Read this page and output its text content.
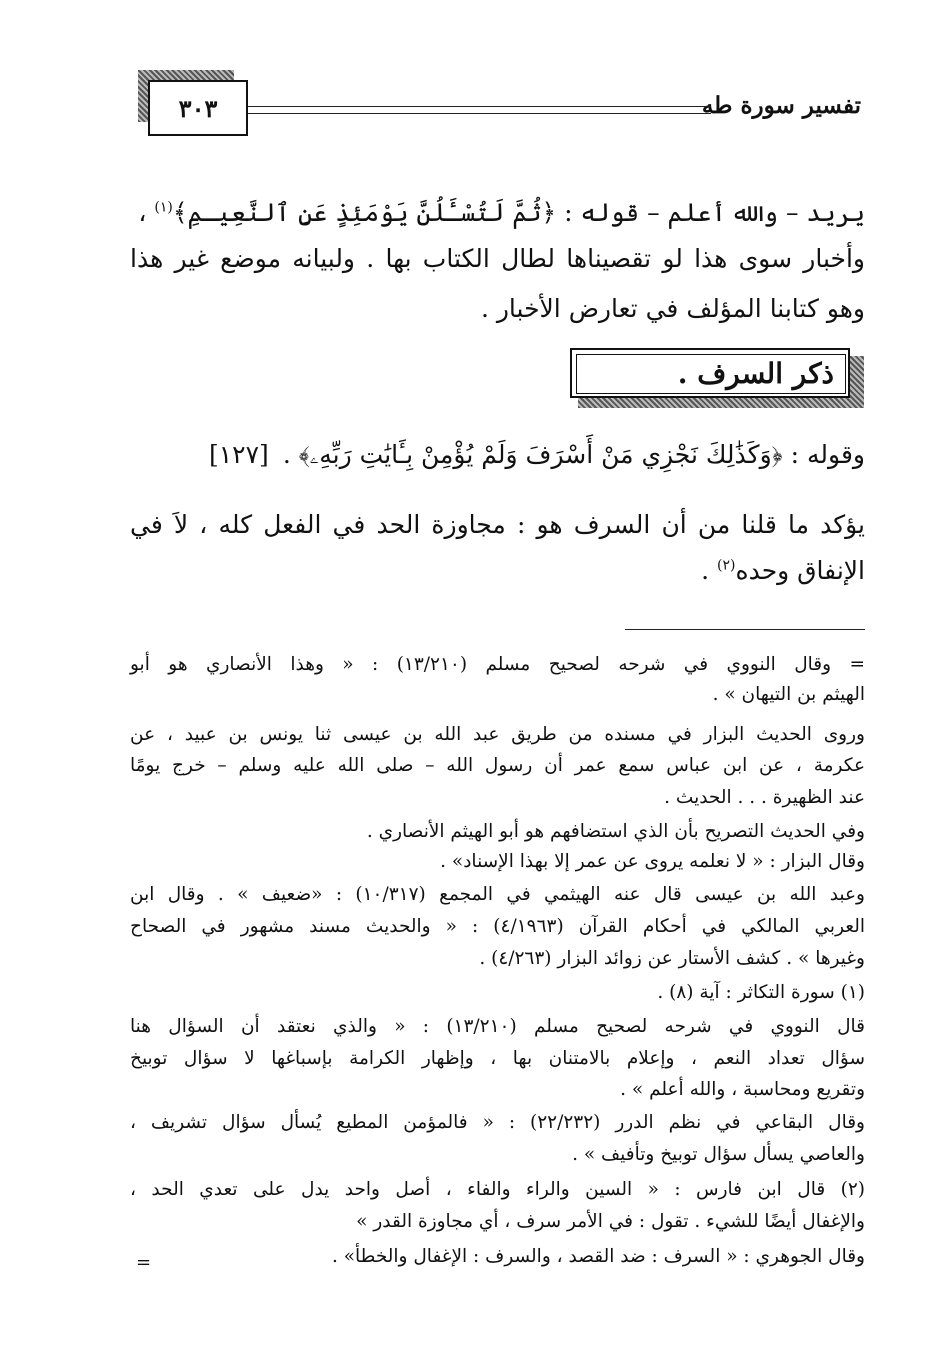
تفسير سورة طه
٣٠٣
يريد – والله أعلم – قوله : ﴿ثُمَّ لَتُسْـَٔلُنَّ يَوْمَئِذٍ عَنِ ٱلنَّعِيـمِ﴾$^{(١)}$ ،
وأخبار سوى هذا لو تقصيناها لطال الكتاب بها . ولبيانه موضع غير هذا
وهو كتابنا المؤلف في تعارض الأخبار .
ذكر السرف .
وقوله : ﴿وَكَذَٰلِكَ نَجْزِي مَنْ أَسْرَفَ وَلَمْ يُؤْمِنْ بِـَٔايَٰتِ رَبِّهِۦ﴾ .[١٢٧]
يؤكد ما قلنا من أن السرف هو : مجاوزة الحد في الفعل كله ، لاَ في
الإنفاق وحده$^{(٢)}$ .
= وقال النووي في شرحه لصحيح مسلم (١٣/٢١٠) : « وهذا الأنصاري هو أبو
الهيثم بن التيهان » .
وروى الحديث البزار في مسنده من طريق عبد الله بن عيسى ثنا يونس بن عبيد ، عن
عكرمة ، عن ابن عباس سمع عمر أن رسول الله – صلى الله عليه وسلم – خرج يومًا
عند الظهيرة . . . الحديث .
وفي الحديث التصريح بأن الذي استضافهم هو أبو الهيثم الأنصاري .
وقال البزار : « لا نعلمه يروى عن عمر إلا بهذا الإسناد» .
وعبد الله بن عيسى قال عنه الهيثمي في المجمع (١٠/٣١٧) : «ضعيف » . وقال ابن
العربي المالكي في أحكام القرآن (٤/١٩٦٣) : « والحديث مسند مشهور في الصحاح
وغيرها » . كشف الأستار عن زوائد البزار (٤/٢٦٣) .
(١) سورة التكاثر : آية (٨) .
قال النووي في شرحه لصحيح مسلم (١٣/٢١٠) : « والذي نعتقد أن السؤال هنا
سؤال تعداد النعم ، وإعلام بالامتنان بها ، وإظهار الكرامة بإسباغها لا سؤال توبيخ
وتقريع ومحاسبة ، والله أعلم » .
وقال البقاعي في نظم الدرر (٢٢/٢٣٢) : « فالمؤمن المطيع يُسأل سؤال تشريف ،
والعاصي يسأل سؤال توبيخ وتأفيف » .
(٢) قال ابن فارس : « السين والراء والفاء ، أصل واحد يدل على تعدي الحد ،
والإغفال أيضًا للشيء . تقول : في الأمر سرف ، أي مجاوزة القدر »
وقال الجوهري : « السرف : ضد القصد ، والسرف : الإغفال والخطأ» .
=
